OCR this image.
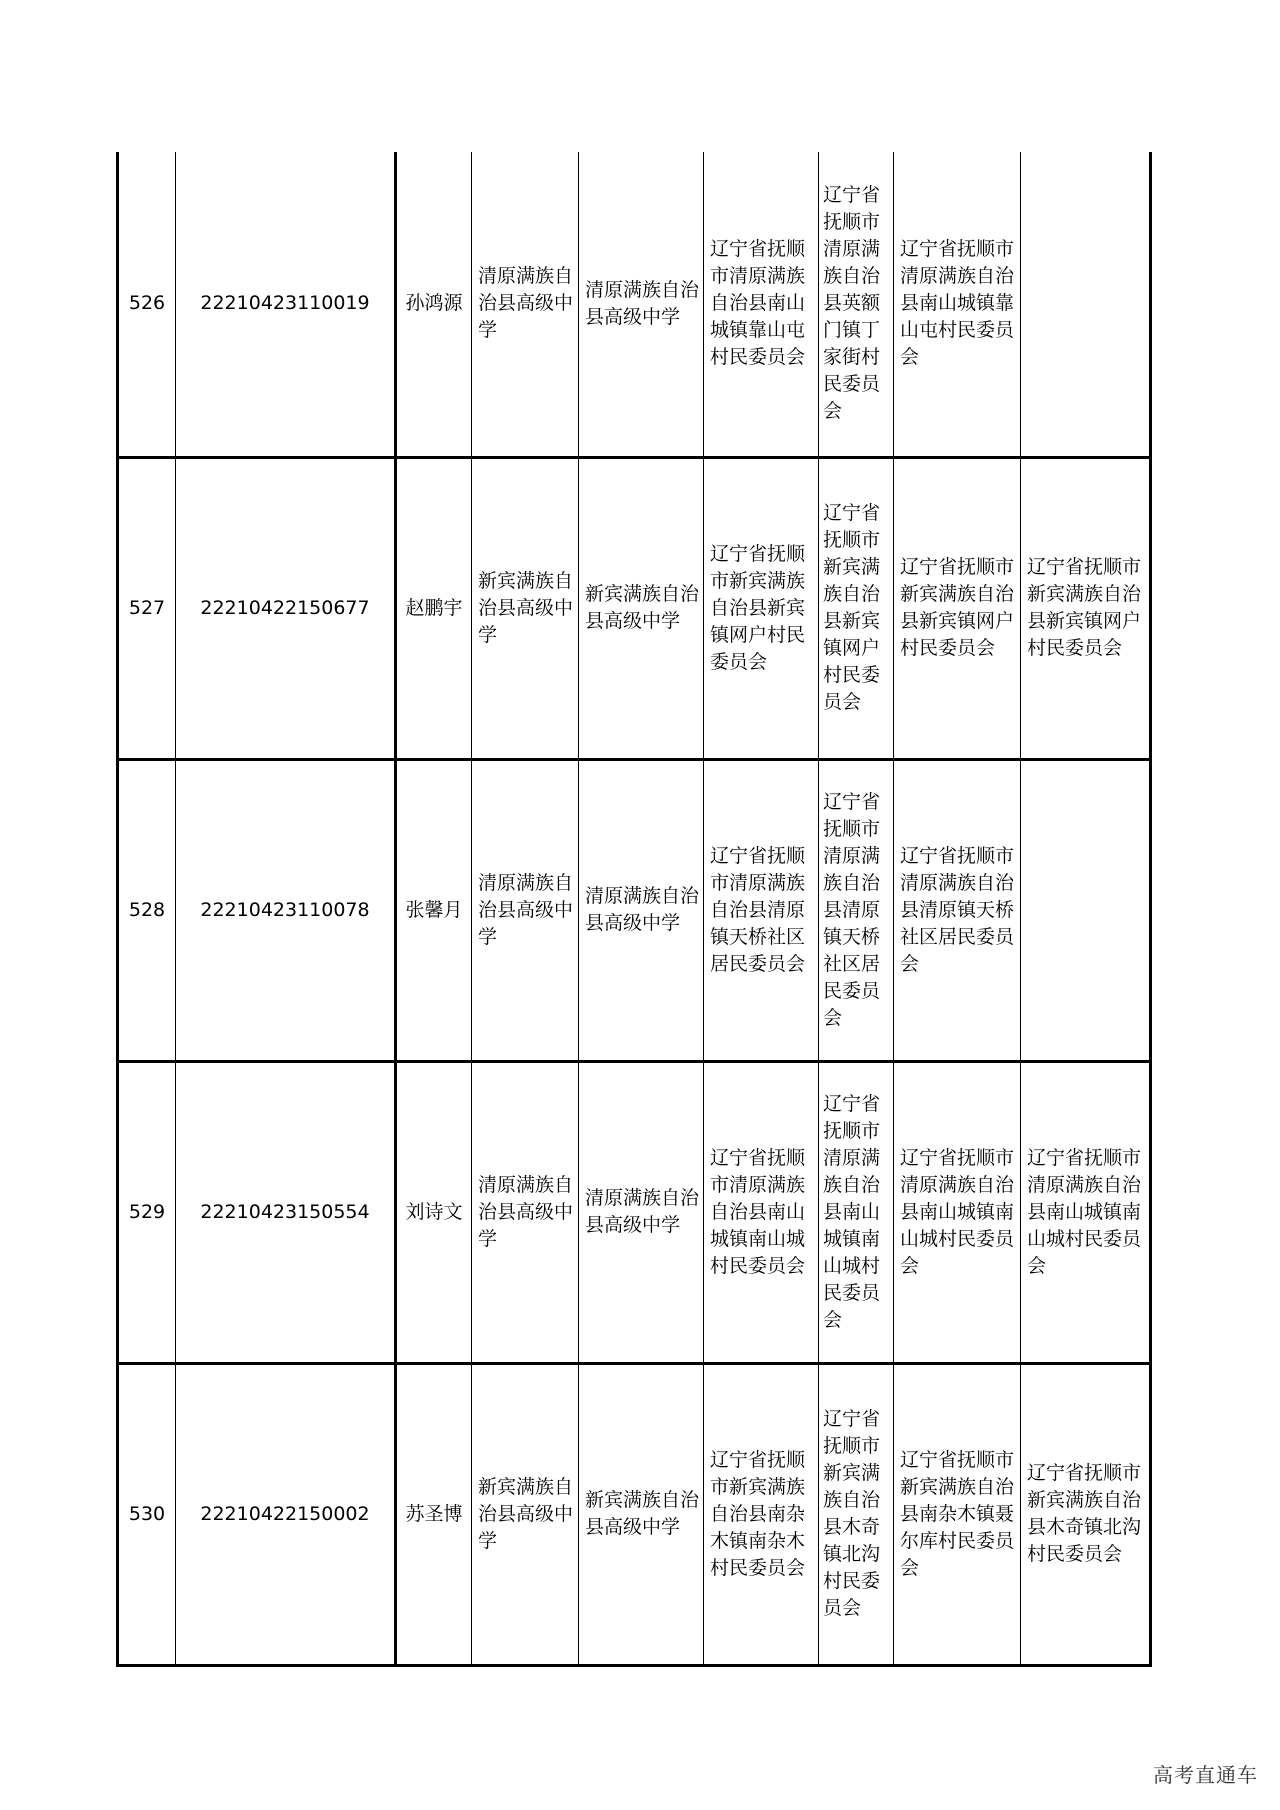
526	22210423110019	孙鸿源	清原满族自治县高级中学	清原满族自治县高级中学	辽宁省抚顺市清原满族自治县南山城镇靠山屯村民委员会	辽宁省抚顺市清原满族自治县英额门镇丁家街村民委员会	辽宁省抚顺市清原满族自治县南山城镇靠山屯村民委员会	
527	22210422150677	赵鹏宇	新宾满族自治县高级中学	新宾满族自治县高级中学	辽宁省抚顺市新宾满族自治县新宾镇网户村民委员会	辽宁省抚顺市新宾满族自治县新宾镇网户村民委员会	辽宁省抚顺市新宾满族自治县新宾镇网户村民委员会	辽宁省抚顺市新宾满族自治县新宾镇网户村民委员会
528	22210423110078	张馨月	清原满族自治县高级中学	清原满族自治县高级中学	辽宁省抚顺市清原满族自治县清原镇天桥社区居民委员会	辽宁省抚顺市清原满族自治县清原镇天桥社区居民委员会	辽宁省抚顺市清原满族自治县清原镇天桥社区居民委员会	
529	22210423150554	刘诗文	清原满族自治县高级中学	清原满族自治县高级中学	辽宁省抚顺市清原满族自治县南山城镇南山城村民委员会	辽宁省抚顺市清原满族自治县南山城镇南山城村民委员会	辽宁省抚顺市清原满族自治县南山城镇南山城村民委员会	辽宁省抚顺市清原满族自治县南山城镇南山城村民委员会
530	22210422150002	苏圣博	新宾满族自治县高级中学	新宾满族自治县高级中学	辽宁省抚顺市新宾满族自治县南杂木镇南杂木村民委员会	辽宁省抚顺市新宾满族自治县木奇镇北沟村民委员会	辽宁省抚顺市新宾满族自治县南杂木镇聂尔库村民委员会	辽宁省抚顺市新宾满族自治县木奇镇北沟村民委员会
高考直通车
